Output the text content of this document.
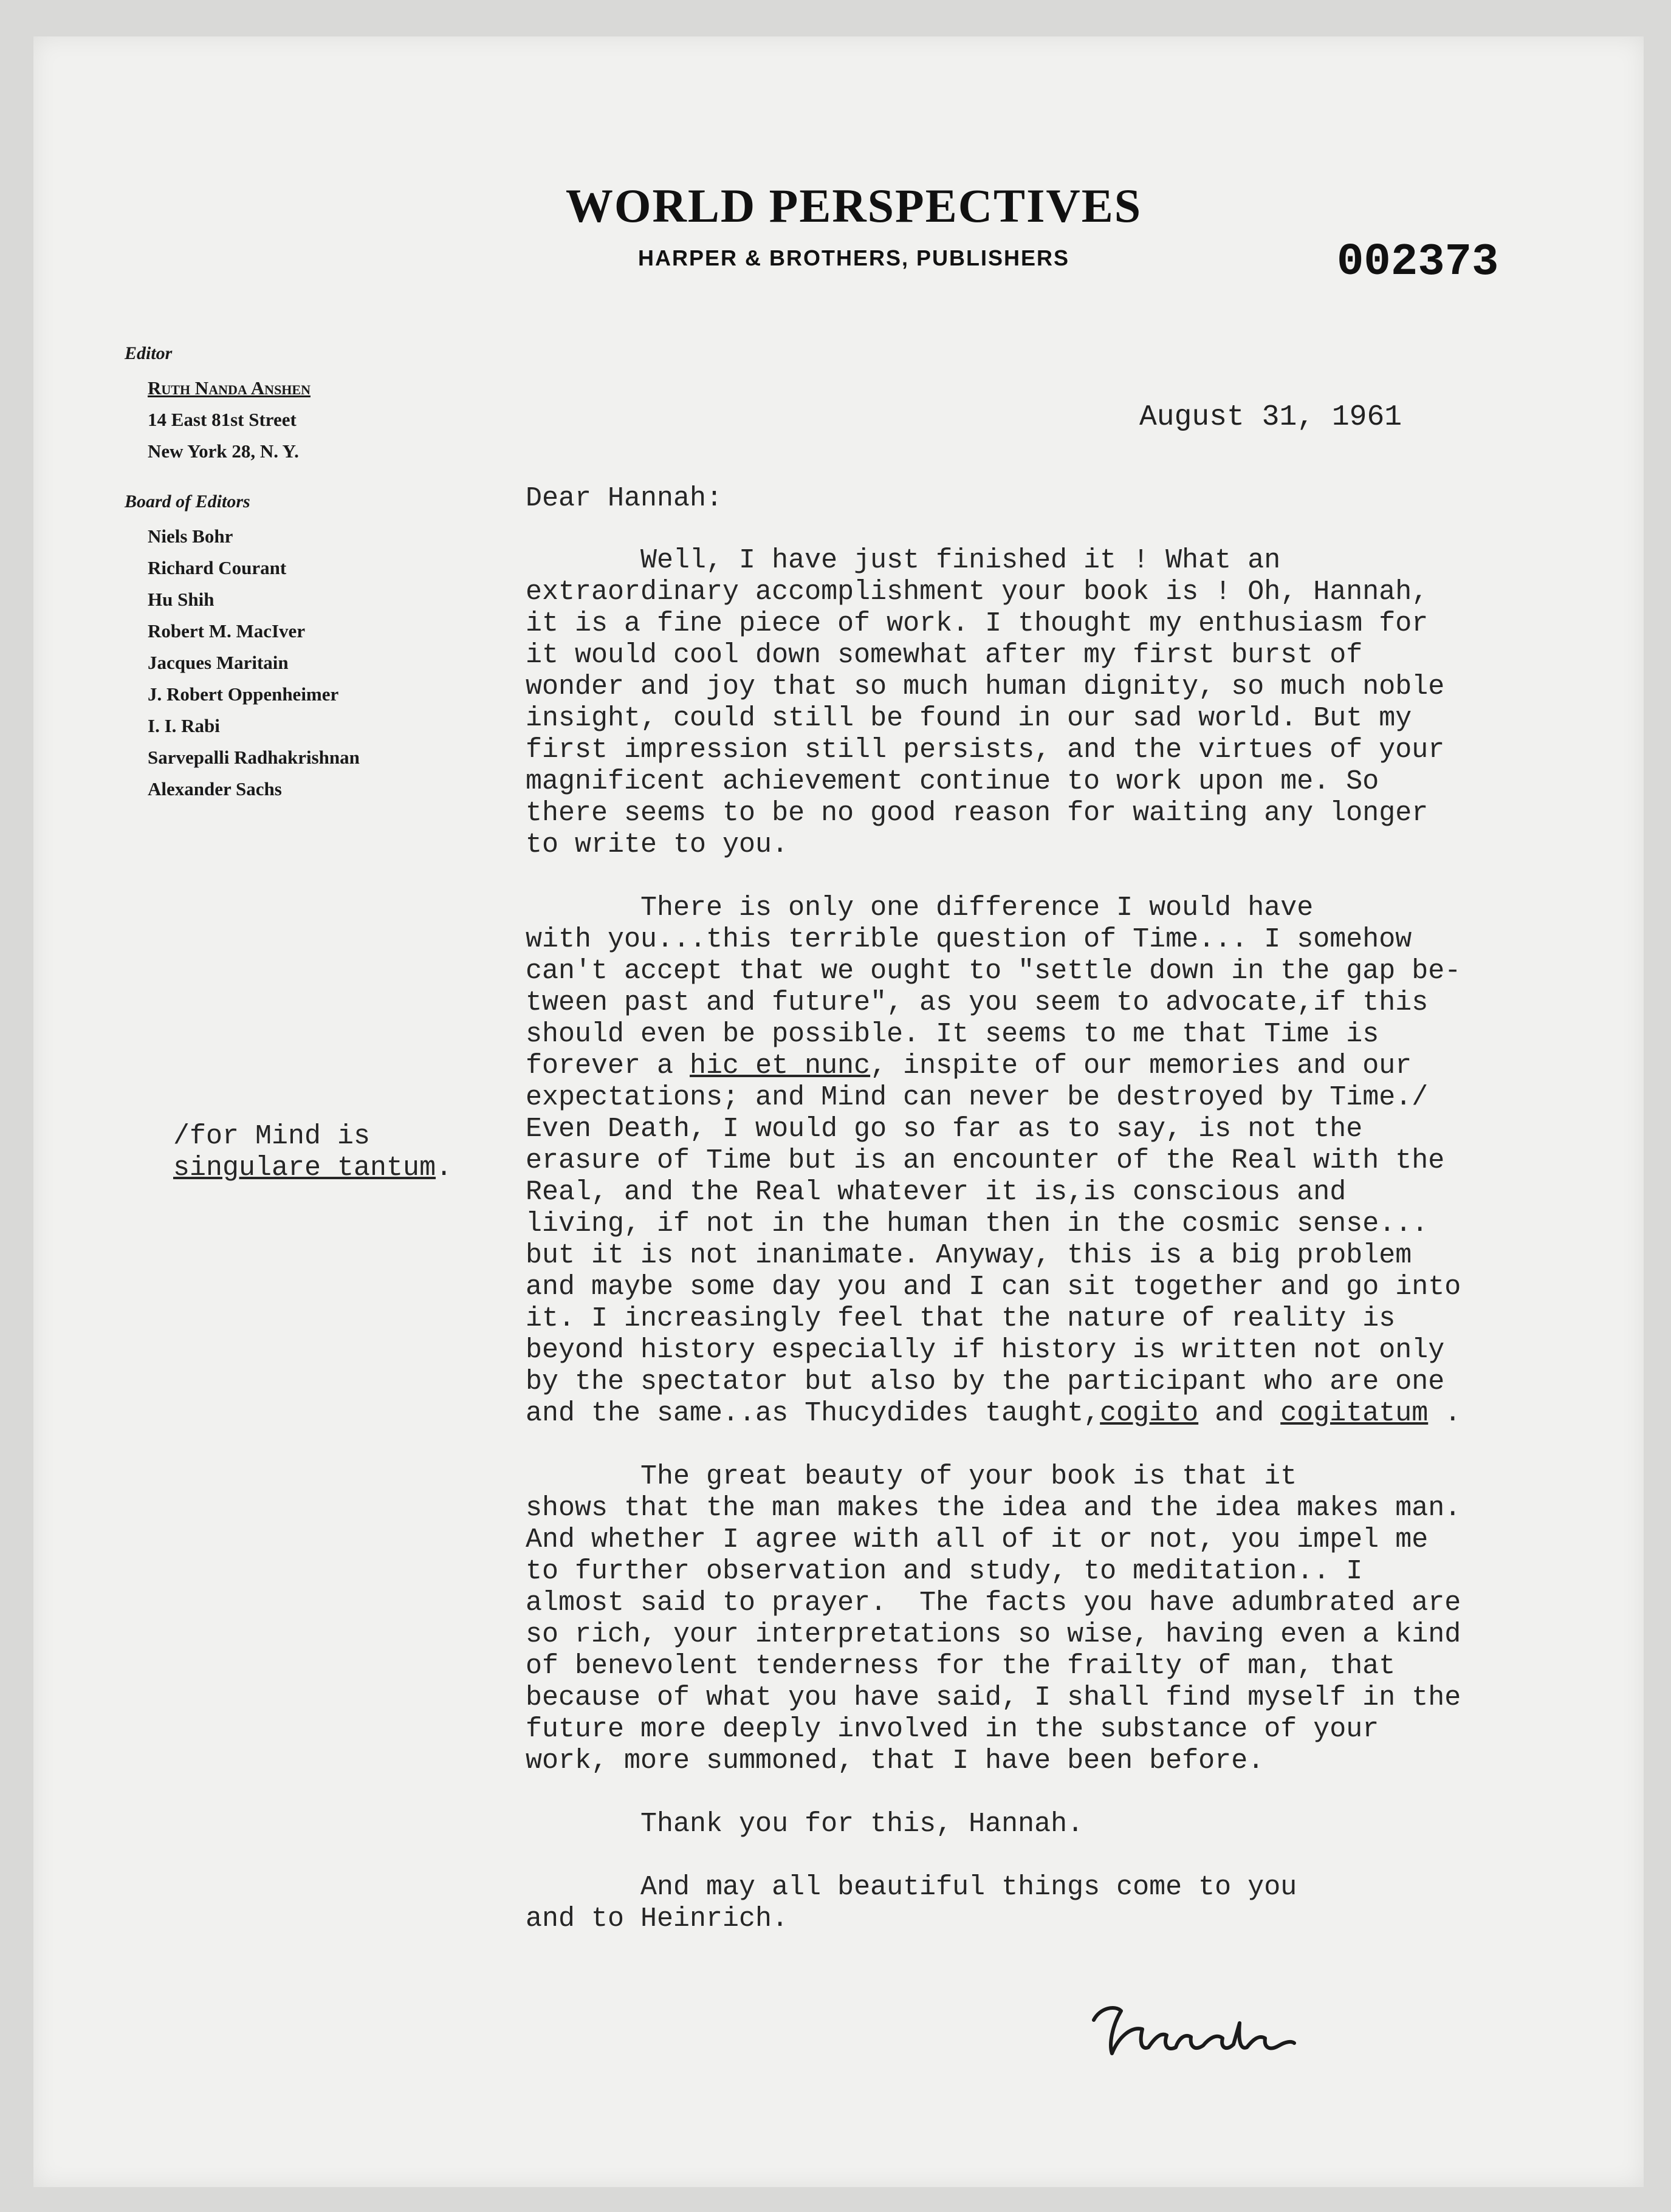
WORLD PERSPECTIVES
HARPER & BROTHERS, PUBLISHERS	002373
Editor
Ruth Nanda Anshen
14 East 81st Street
New York 28, N. Y.
Board of Editors
Niels Bohr
Richard Courant
Hu Shih
Robert M. MacIver
Jacques Maritain
J. Robert Oppenheimer
I. I. Rabi
Sarvepalli Radhakrishnan
Alexander Sachs
August 31, 1961
Dear Hannah:
Well, I have just finished it ! What an
extraordinary accomplishment your book is ! Oh, Hannah,
it is a fine piece of work. I thought my enthusiasm for
it would cool down somewhat after my first burst of
wonder and joy that so much human dignity, so much noble
insight, could still be found in our sad world. But my
first impression still persists, and the virtues of your
magnificent achievement continue to work upon me. So
there seems to be no good reason for waiting any longer
to write to you.
There is only one difference I would have
with you...this terrible question of Time... I somehow
can't accept that we ought to "settle down in the gap be-
tween past and future", as you seem to advocate,if this
should even be possible. It seems to me that Time is
forever a hic et nunc, inspite of our memories and our
expectations; and Mind can never be destroyed by Time./
Even Death, I would go so far as to say, is not the
erasure of Time but is an encounter of the Real with the
Real, and the Real whatever it is,is conscious and
living, if not in the human then in the cosmic sense...
but it is not inanimate. Anyway, this is a big problem
and maybe some day you and I can sit together and go into
it. I increasingly feel that the nature of reality is
beyond history especially if history is written not only
by the spectator but also by the participant who are one
and the same..as Thucydides taught,cogito and cogitatum .
The great beauty of your book is that it
shows that the man makes the idea and the idea makes man.
And whether I agree with all of it or not, you impel me
to further observation and study, to meditation.. I
almost said to prayer.  The facts you have adumbrated are
so rich, your interpretations so wise, having even a kind
of benevolent tenderness for the frailty of man, that
because of what you have said, I shall find myself in the
future more deeply involved in the substance of your
work, more summoned, that I have been before.
Thank you for this, Hannah.
And may all beautiful things come to you
and to Heinrich.
/for Mind is
singulare tantum.
